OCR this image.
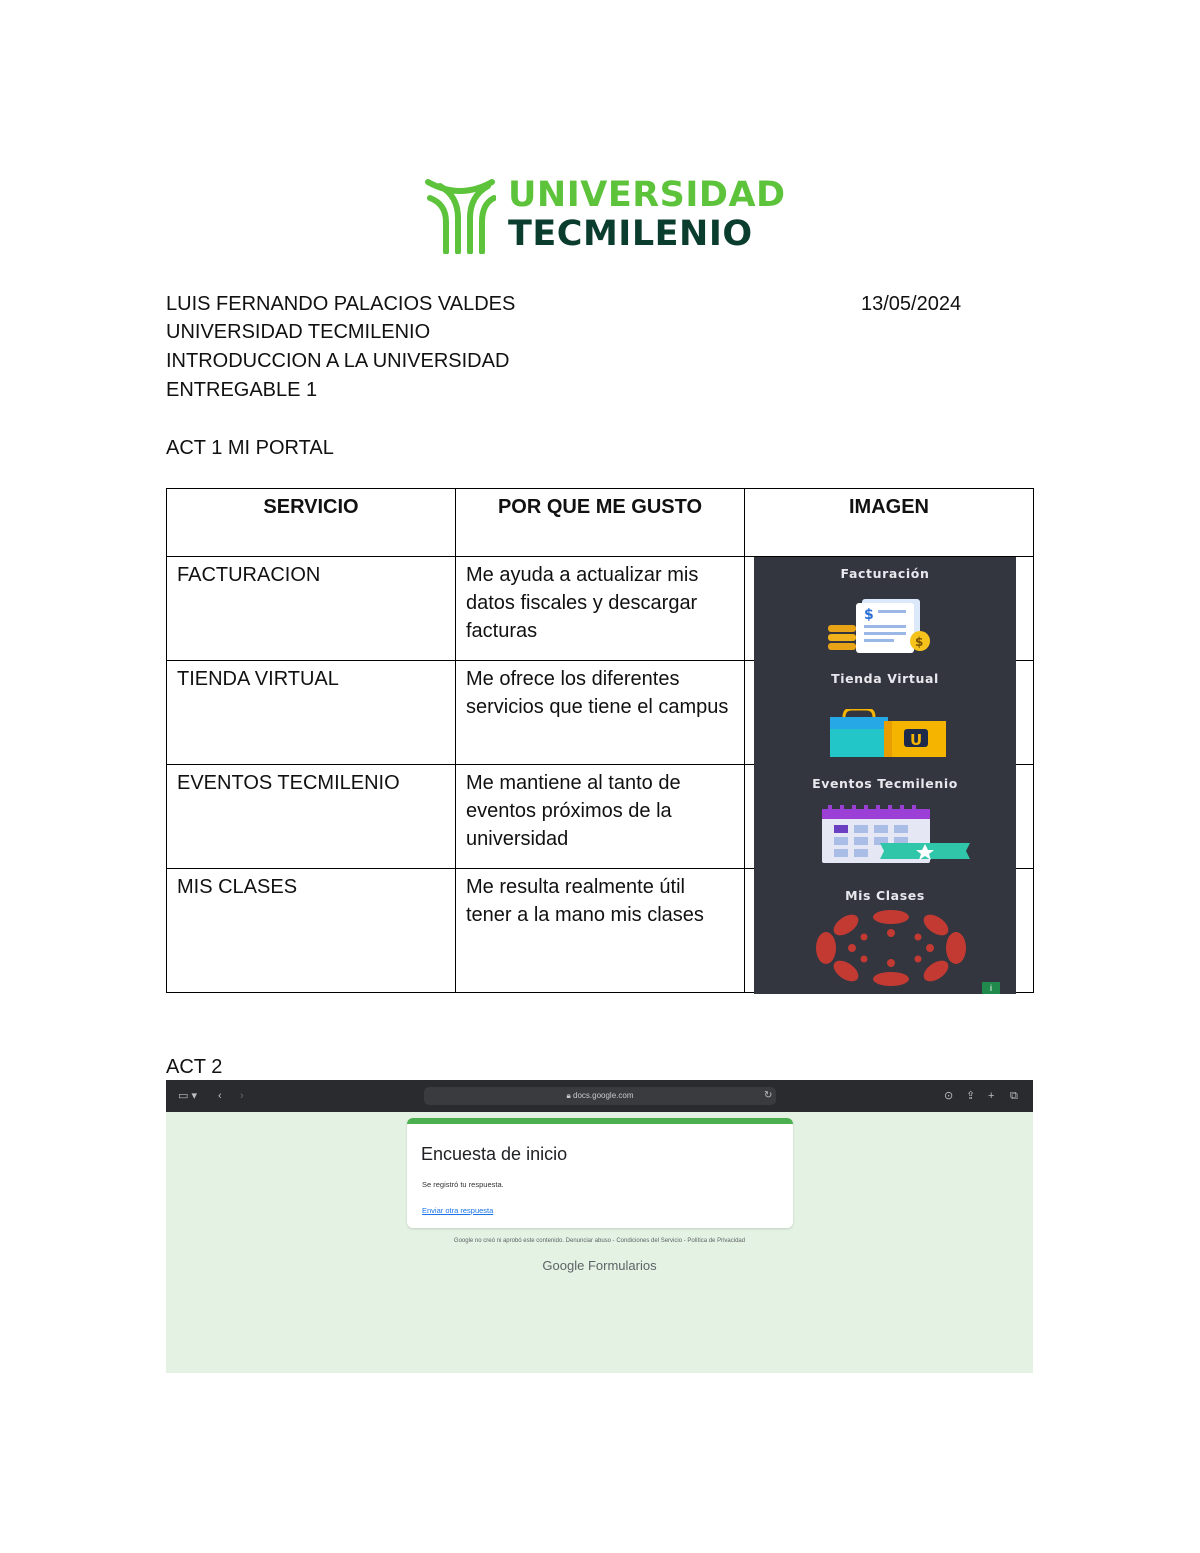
UNIVERSIDAD
TECMILENIO
LUIS FERNANDO PALACIOS VALDES
UNIVERSIDAD TECMILENIO
INTRODUCCION A LA UNIVERSIDAD
ENTREGABLE 1
13/05/2024
ACT 1 MI PORTAL
SERVICIO	POR QUE ME GUSTO	IMAGEN
FACTURACION	Me ayuda a actualizar mis datos fiscales y descargar facturas	
TIENDA VIRTUAL	Me ofrece los diferentes servicios que tiene el campus	
EVENTOS TECMILENIO	Me mantiene al tanto de eventos próximos de la universidad	
MIS CLASES	Me resulta realmente útil tener a la mano mis clases	
Facturación
$
$
Tienda Virtual
U
Eventos Tecmilenio
Mis Clases
i
ACT 2
▭ ▾ ‹ ›	🔒︎ docs.google.com	↻	⊙ ⇪ + ⧉
Encuesta de inicio
Se registró tu respuesta.
Enviar otra respuesta
Google no creó ni aprobó este contenido. Denunciar abuso - Condiciones del Servicio - Política de Privacidad
Google Formularios
